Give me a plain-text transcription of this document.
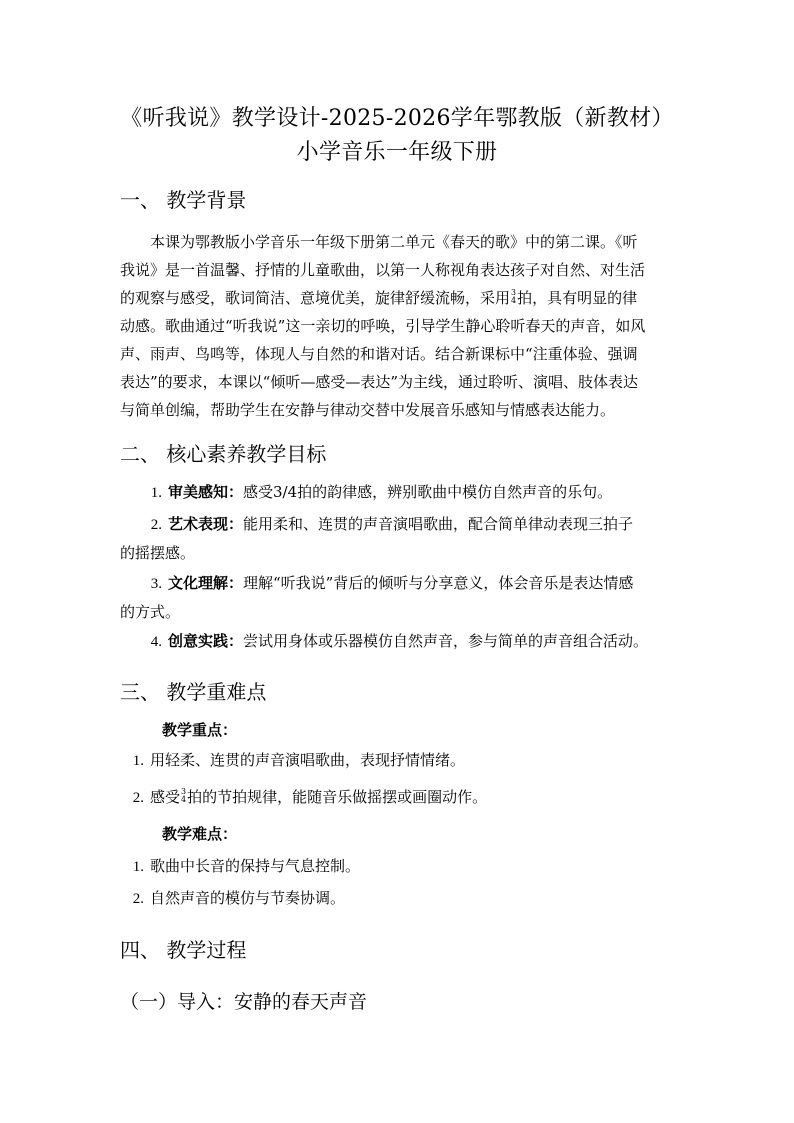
《听我说》教学设计-2025-2026学年鄂教版（新教材）
小学音乐一年级下册
一、 教学背景
本课为鄂教版小学音乐一年级下册第二单元《春天的歌》中的第二课。《听
我说》是一首温馨、抒情的儿童歌曲，以第一人称视角表达孩子对自然、对生活
的观察与感受，歌词简洁、意境优美，旋律舒缓流畅，采用 3
4 拍，具有明显的律
动感。歌曲通过“听我说”这一亲切的呼唤，引导学生静心聆听春天的声音，如风
声、雨声、鸟鸣等，体现人与自然的和谐对话。结合新课标中“注重体验、强调
表达”的要求，本课以“倾听—感受—表达”为主线，通过聆听、演唱、肢体表达
与简单创编，帮助学生在安静与律动交替中发展音乐感知与情感表达能力。
二、 核心素养教学目标
1. 审美感知：感受3/4拍的韵律感，辨别歌曲中模仿自然声音的乐句。
2. 艺术表现：能用柔和、连贯的声音演唱歌曲，配合简单律动表现三拍子
的摇摆感。
3. 文化理解：理解“听我说”背后的倾听与分享意义，体会音乐是表达情感
的方式。
4. 创意实践：尝试用身体或乐器模仿自然声音，参与简单的声音组合活动。
三、 教学重难点
教学重点：
1. 用轻柔、连贯的声音演唱歌曲，表现抒情情绪。
2. 感受 3
4 拍的节拍规律，能随音乐做摇摆或画圈动作。
教学难点：
1. 歌曲中长音的保持与气息控制。
2. 自然声音的模仿与节奏协调。
四、 教学过程
（一）导入：安静的春天声音
